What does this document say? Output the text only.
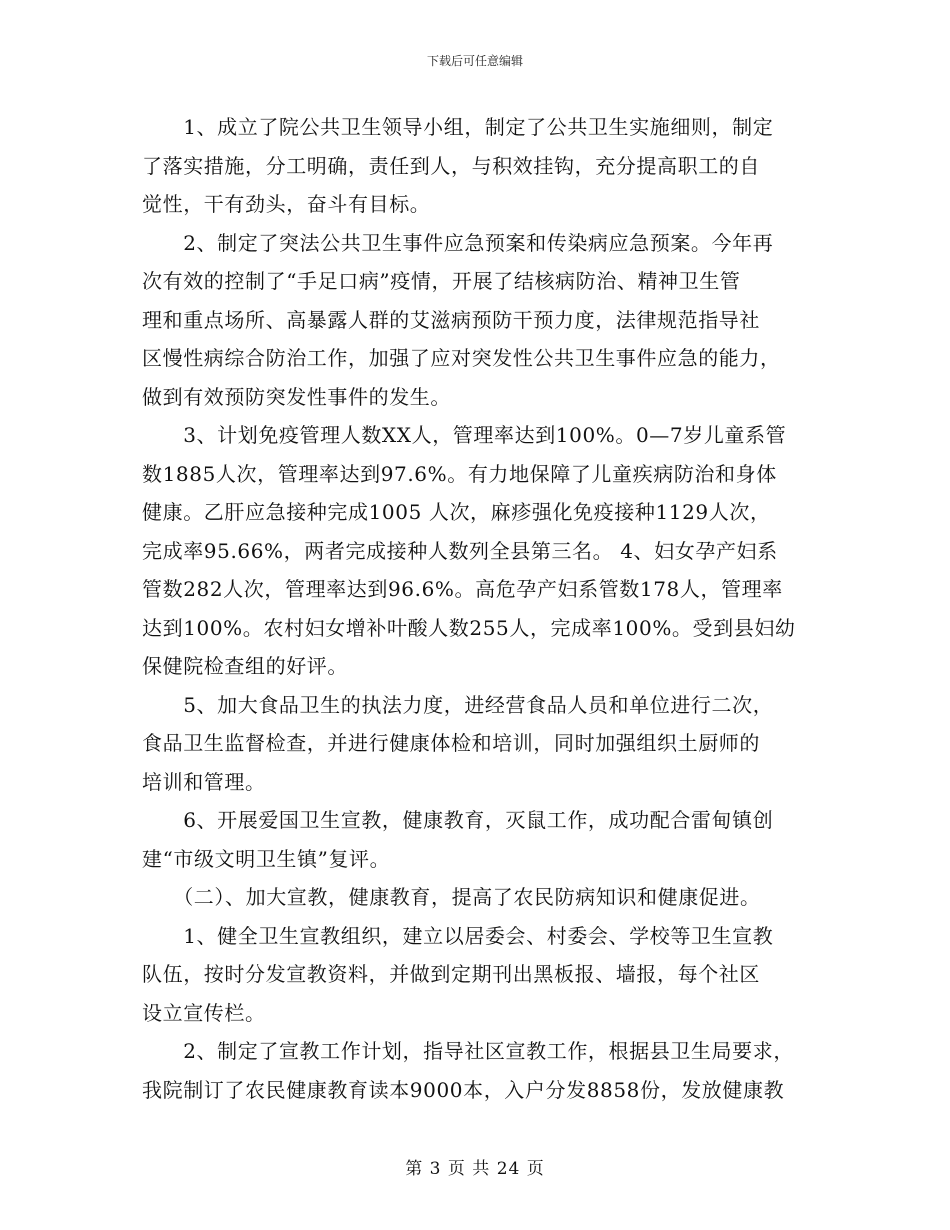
下载后可任意编辑
　　1、成立了院公共卫生领导小组，制定了公共卫生实施细则，制定
了落实措施，分工明确，责任到人，与积效挂钩，充分提高职工的自
觉性，干有劲头，奋斗有目标。
　　2、制定了突法公共卫生事件应急预案和传染病应急预案。今年再
次有效的控制了“手足口病”疫情，开展了结核病防治、精神卫生管
理和重点场所、高暴露人群的艾滋病预防干预力度，法律规范指导社
区慢性病综合防治工作，加强了应对突发性公共卫生事件应急的能力，
做到有效预防突发性事件的发生。
　　3、计划免疫管理人数XX人，管理率达到100%。0—7岁儿童系管
数1885人次，管理率达到97.6%。有力地保障了儿童疾病防治和身体
健康。乙肝应急接种完成1005 人次，麻疹强化免疫接种1129人次，
完成率95.66%，两者完成接种人数列全县第三名。 4、妇女孕产妇系
管数282人次，管理率达到96.6%。高危孕产妇系管数178人，管理率
达到100%。农村妇女增补叶酸人数255人，完成率100%。受到县妇幼
保健院检查组的好评。
　　5、加大食品卫生的执法力度，进经营食品人员和单位进行二次，
食品卫生监督检查，并进行健康体检和培训，同时加强组织土厨师的
培训和管理。
　　6、开展爱国卫生宣教，健康教育，灭鼠工作，成功配合雷甸镇创
建“市级文明卫生镇”复评。
　　（二）、加大宣教，健康教育，提高了农民防病知识和健康促进。
　　1、健全卫生宣教组织，建立以居委会、村委会、学校等卫生宣教
队伍，按时分发宣教资料，并做到定期刊出黑板报、墙报，每个社区
设立宣传栏。
　　2、制定了宣教工作计划，指导社区宣教工作，根据县卫生局要求，
我院制订了农民健康教育读本9000本，入户分发8858份，发放健康教
第 3 页 共 24 页
